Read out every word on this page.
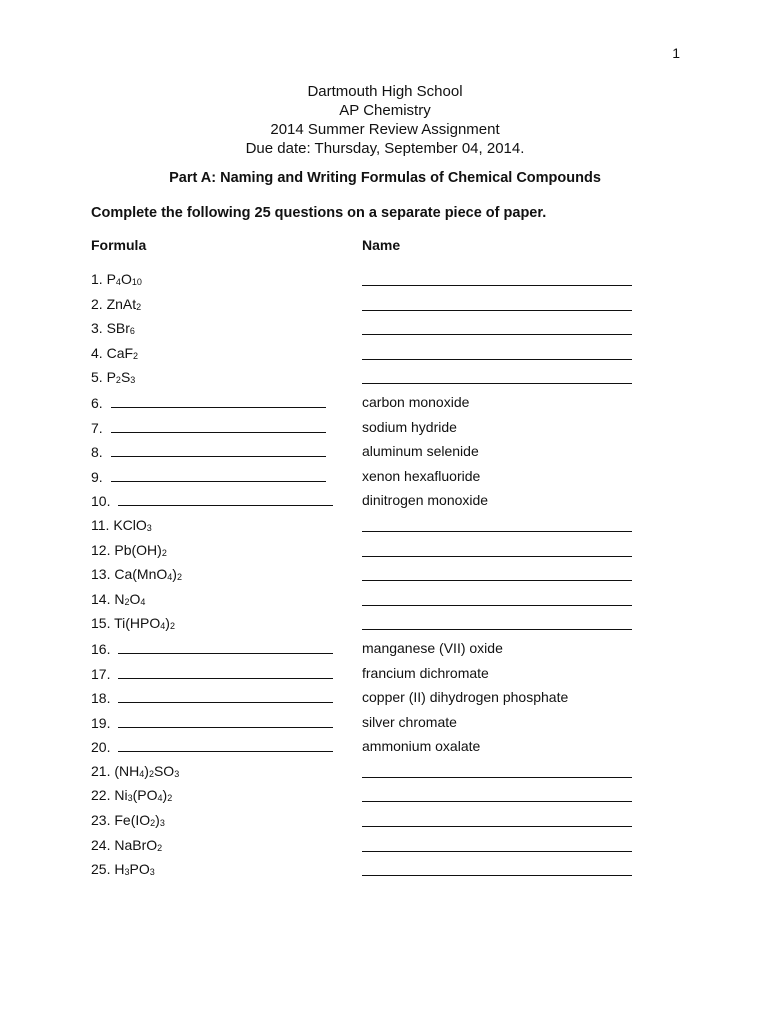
1
Dartmouth High School
AP Chemistry
2014 Summer Review Assignment
Due date: Thursday, September 04, 2014.
Part A: Naming and Writing Formulas of Chemical Compounds
Complete the following 25 questions on a separate piece of paper.
Formula	Name
1. $P_4O_{10}$
2. ZnAt$_2$
3. SBr$_6$
4. CaF$_2$
5. $P_2S_3$
6.	carbon monoxide
7.	sodium hydride
8.	aluminum selenide
9.	xenon hexafluoride
10.	dinitrogen monoxide
11. KClO$_3$
12. $Pb(OH)_2$
13. $Ca(MnO_4)_2$
14. $N_2O_4$
15. $Ti(HPO_4)_2$
16.	manganese (VII) oxide
17.	francium dichromate
18.	copper (II) dihydrogen phosphate
19.	silver chromate
20.	ammonium oxalate
21. $(NH_4)_2SO_3$
22. $Ni_3(PO_4)_2$
23. $Fe(IO_2)_3$
24. NaBrO$_2$
25. $H_3PO_3$
